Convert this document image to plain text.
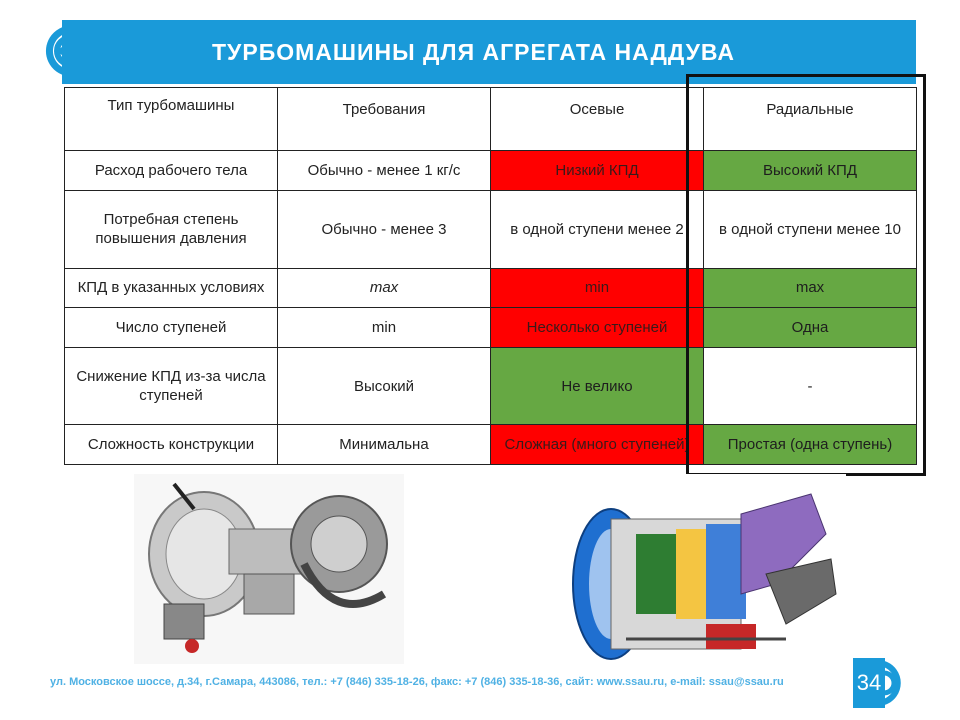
ТУРБОМАШИНЫ ДЛЯ АГРЕГАТА НАДДУВА
Тип турбомашины	Требования	Осевые	Радиальные
Расход рабочего тела	Обычно - менее 1 кг/с	Низкий КПД	Высокий КПД
Потребная степень повышения давления	Обычно - менее 3	в одной ступени менее 2	в одной ступени менее 10
КПД в указанных условиях	max	min	max
Число ступеней	min	Несколько ступеней	Одна
Снижение КПД из-за числа ступеней	Высокий	Не велико	-
Сложность конструкции	Минимальна	Сложная (много ступеней)	Простая (одна ступень)
ул. Московское шоссе, д.34, г.Самара, 443086, тел.: +7 (846) 335-18-26, факс: +7 (846) 335-18-36, сайт: www.ssau.ru, e-mail: ssau@ssau.ru	34
